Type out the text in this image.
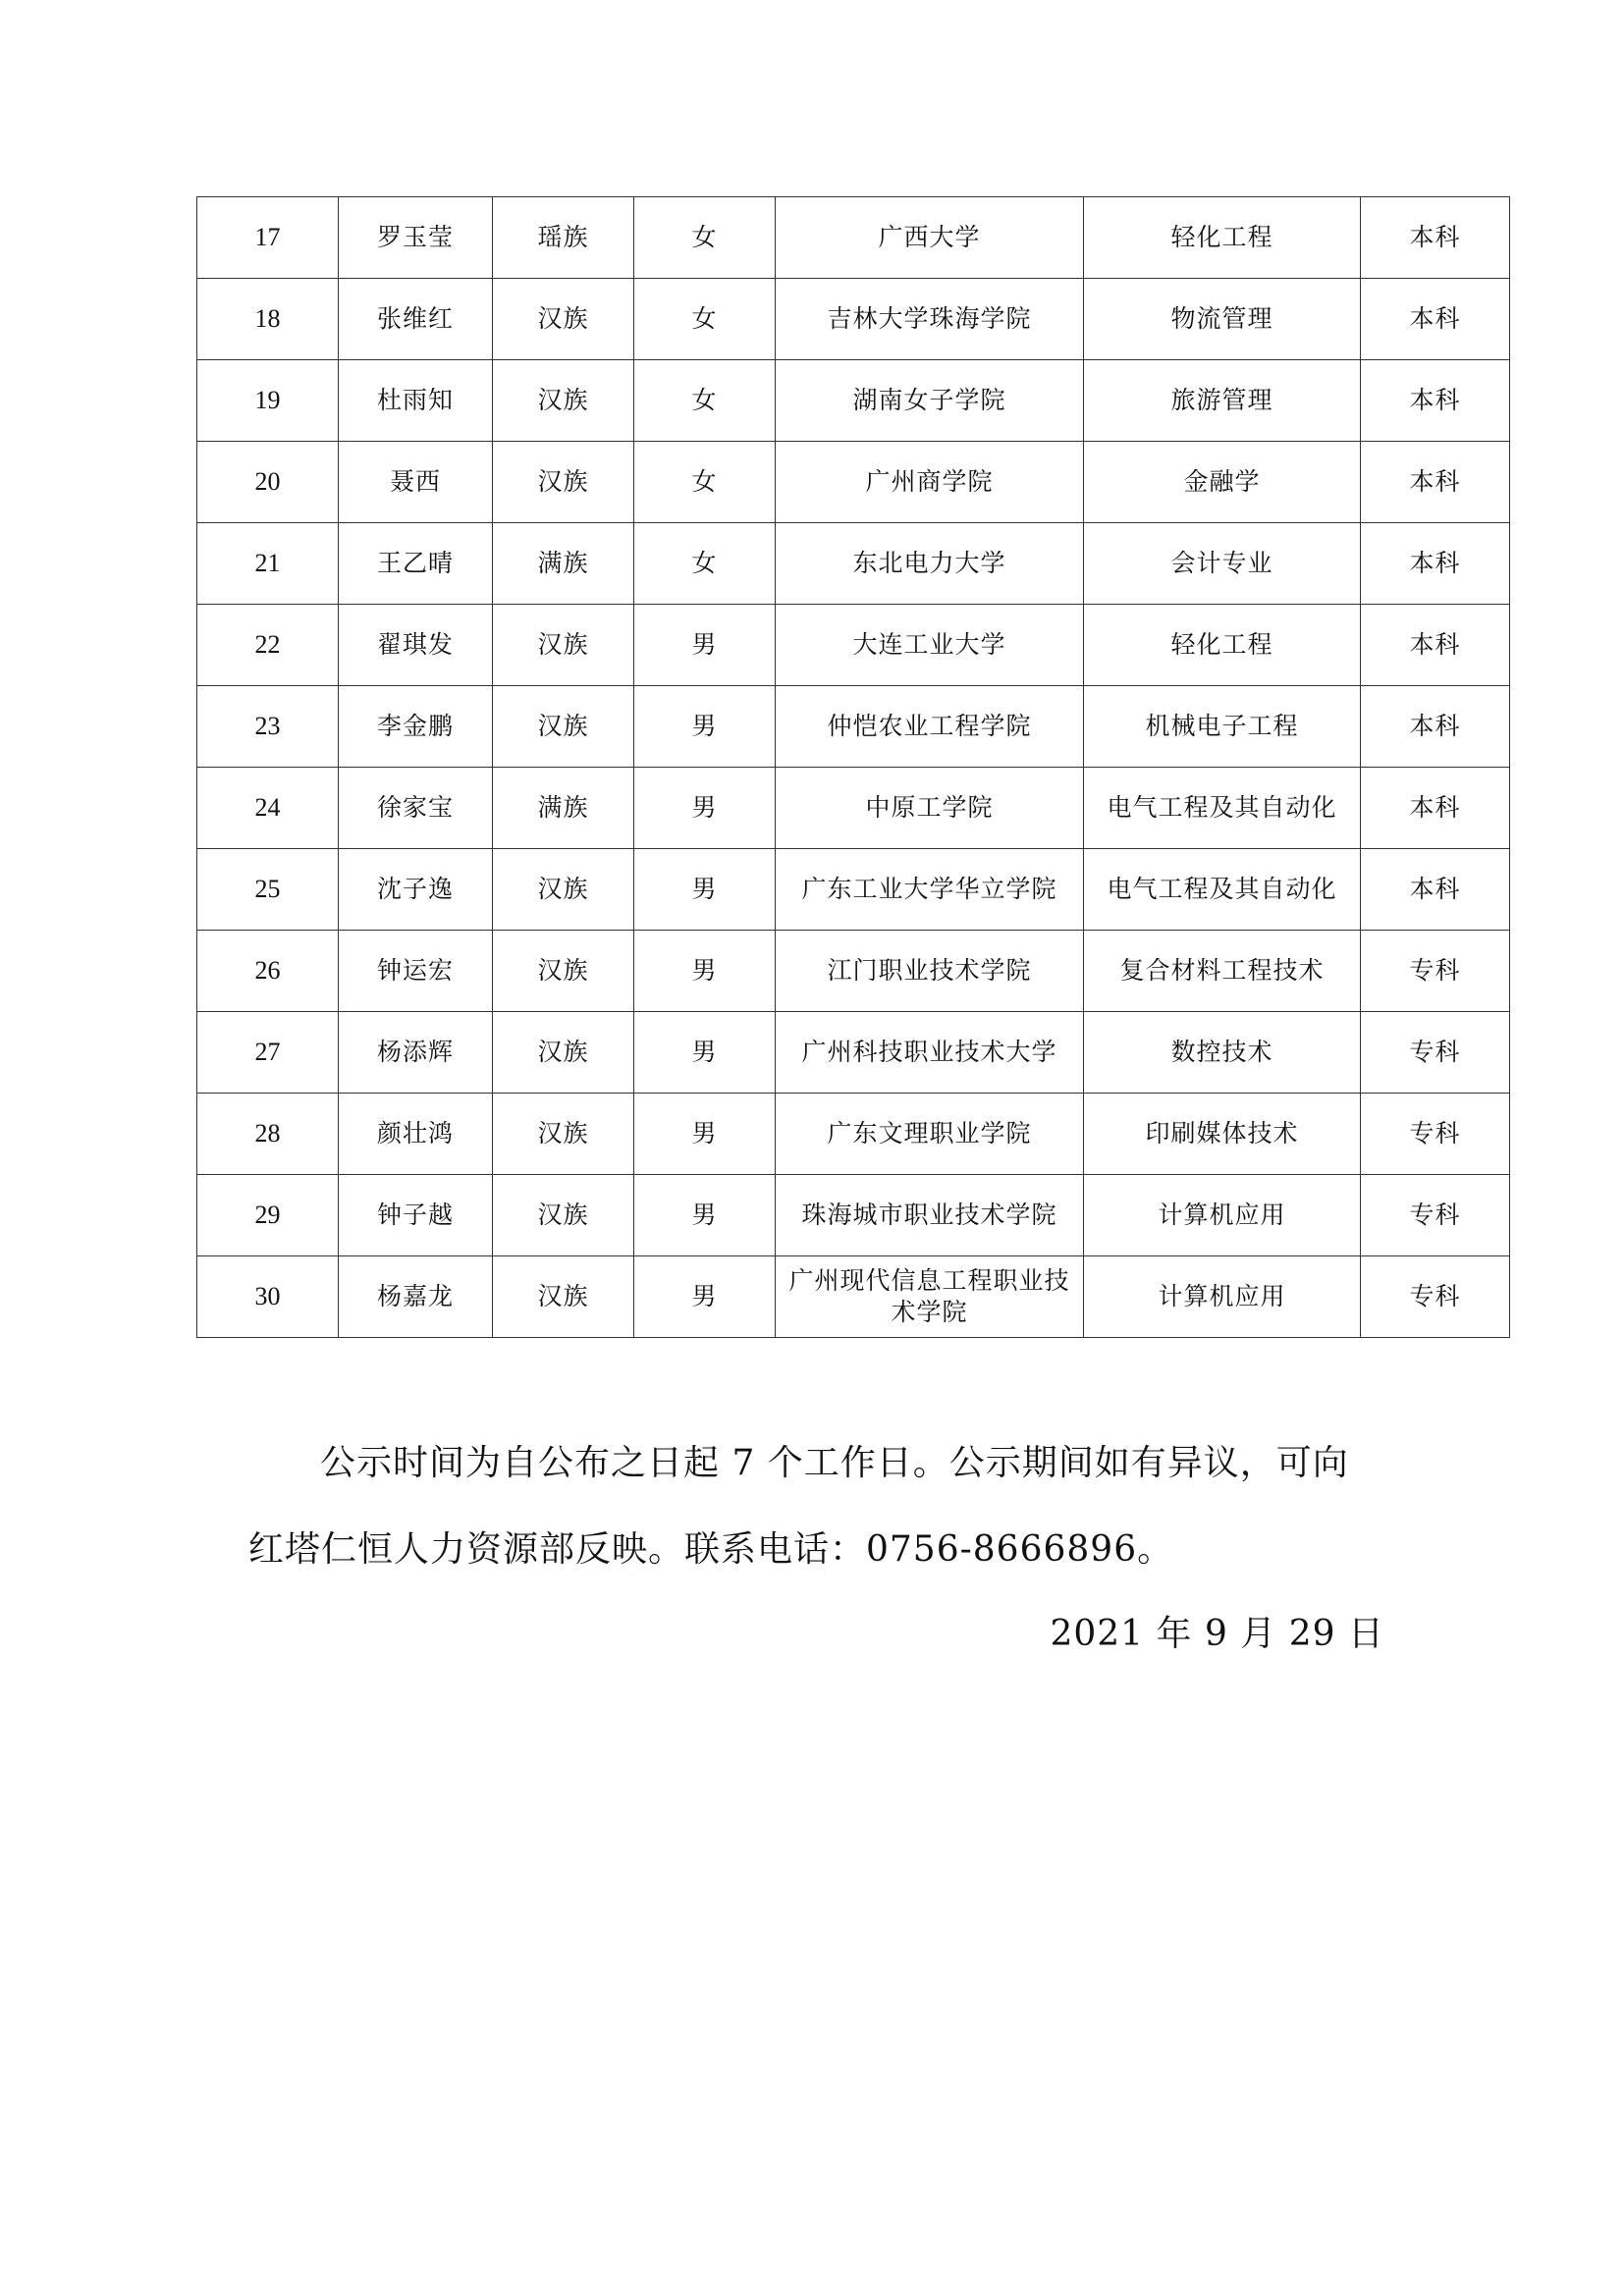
17	罗玉莹	瑶族	女	广西大学	轻化工程	本科
18	张维红	汉族	女	吉林大学珠海学院	物流管理	本科
19	杜雨知	汉族	女	湖南女子学院	旅游管理	本科
20	聂西	汉族	女	广州商学院	金融学	本科
21	王乙晴	满族	女	东北电力大学	会计专业	本科
22	翟琪发	汉族	男	大连工业大学	轻化工程	本科
23	李金鹏	汉族	男	仲恺农业工程学院	机械电子工程	本科
24	徐家宝	满族	男	中原工学院	电气工程及其自动化	本科
25	沈子逸	汉族	男	广东工业大学华立学院	电气工程及其自动化	本科
26	钟运宏	汉族	男	江门职业技术学院	复合材料工程技术	专科
27	杨添辉	汉族	男	广州科技职业技术大学	数控技术	专科
28	颜壮鸿	汉族	男	广东文理职业学院	印刷媒体技术	专科
29	钟子越	汉族	男	珠海城市职业技术学院	计算机应用	专科
30	杨嘉龙	汉族	男	广州现代信息工程职业技术学院	计算机应用	专科

公示时间为自公布之日起 7 个工作日。公示期间如有异议，可向

红塔仁恒人力资源部反映。联系电话：0756-8666896。

2021 年 9 月 29 日
